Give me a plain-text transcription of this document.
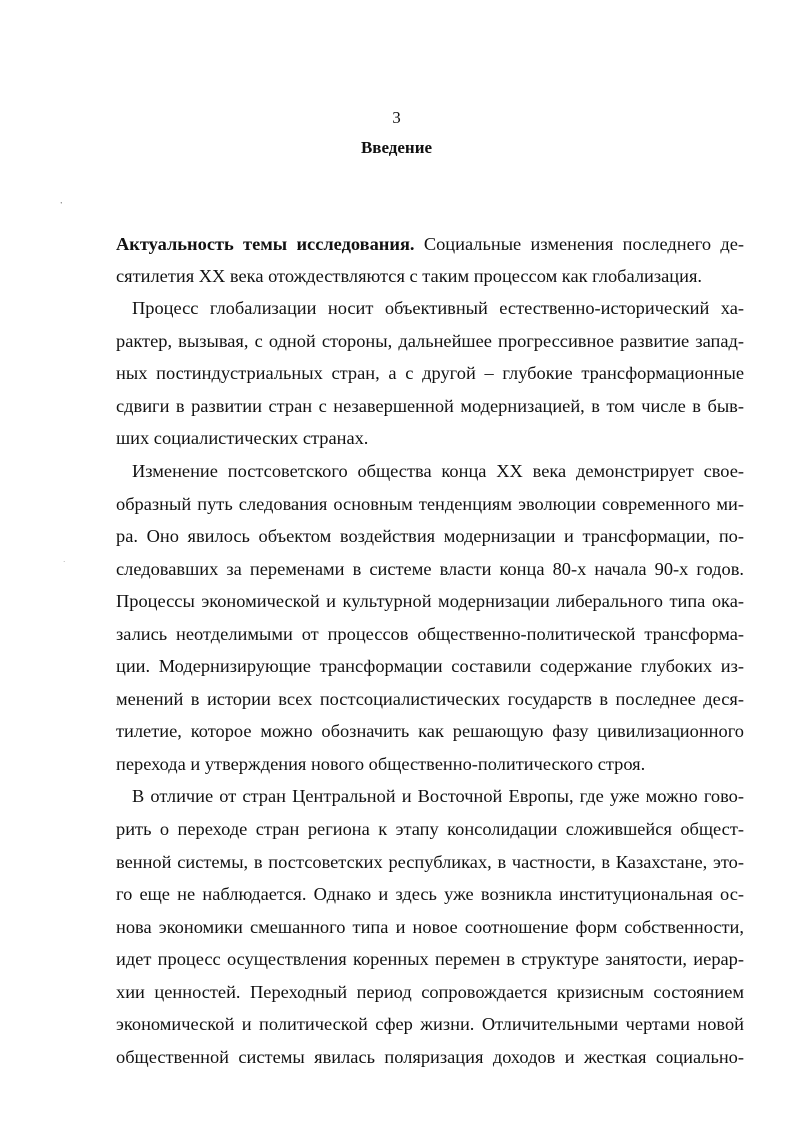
3
Введение
·
·
Актуальность темы исследования. Социальные изменения последнего де-
сятилетия XX века отождествляются с таким процессом как глобализация.
Процесс глобализации носит объективный естественно-исторический ха-
рактер, вызывая, с одной стороны, дальнейшее прогрессивное развитие запад-
ных постиндустриальных стран, а с другой – глубокие трансформационные
сдвиги в развитии стран с незавершенной модернизацией, в том числе в быв-
ших социалистических странах.
Изменение постсоветского общества конца XX века демонстрирует свое-
образный путь следования основным тенденциям эволюции современного ми-
ра. Оно явилось объектом воздействия модернизации и трансформации, по-
следовавших за переменами в системе власти конца 80-х начала 90-х годов.
Процессы экономической и культурной модернизации либерального типа ока-
зались неотделимыми от процессов общественно-политической трансформа-
ции. Модернизирующие трансформации составили содержание глубоких из-
менений в истории всех постсоциалистических государств в последнее деся-
тилетие, которое можно обозначить как решающую фазу цивилизационного
перехода и утверждения нового общественно-политического строя.
В отличие от стран Центральной и Восточной Европы, где уже можно гово-
рить о переходе стран региона к этапу консолидации сложившейся общест-
венной системы, в постсоветских республиках, в частности, в Казахстане, это-
го еще не наблюдается. Однако и здесь уже возникла институциональная ос-
нова экономики смешанного типа и новое соотношение форм собственности,
идет процесс осуществления коренных перемен в структуре занятости, иерар-
хии ценностей. Переходный период сопровождается кризисным состоянием
экономической и политической сфер жизни. Отличительными чертами новой
общественной системы явилась поляризация доходов и жесткая социально-
